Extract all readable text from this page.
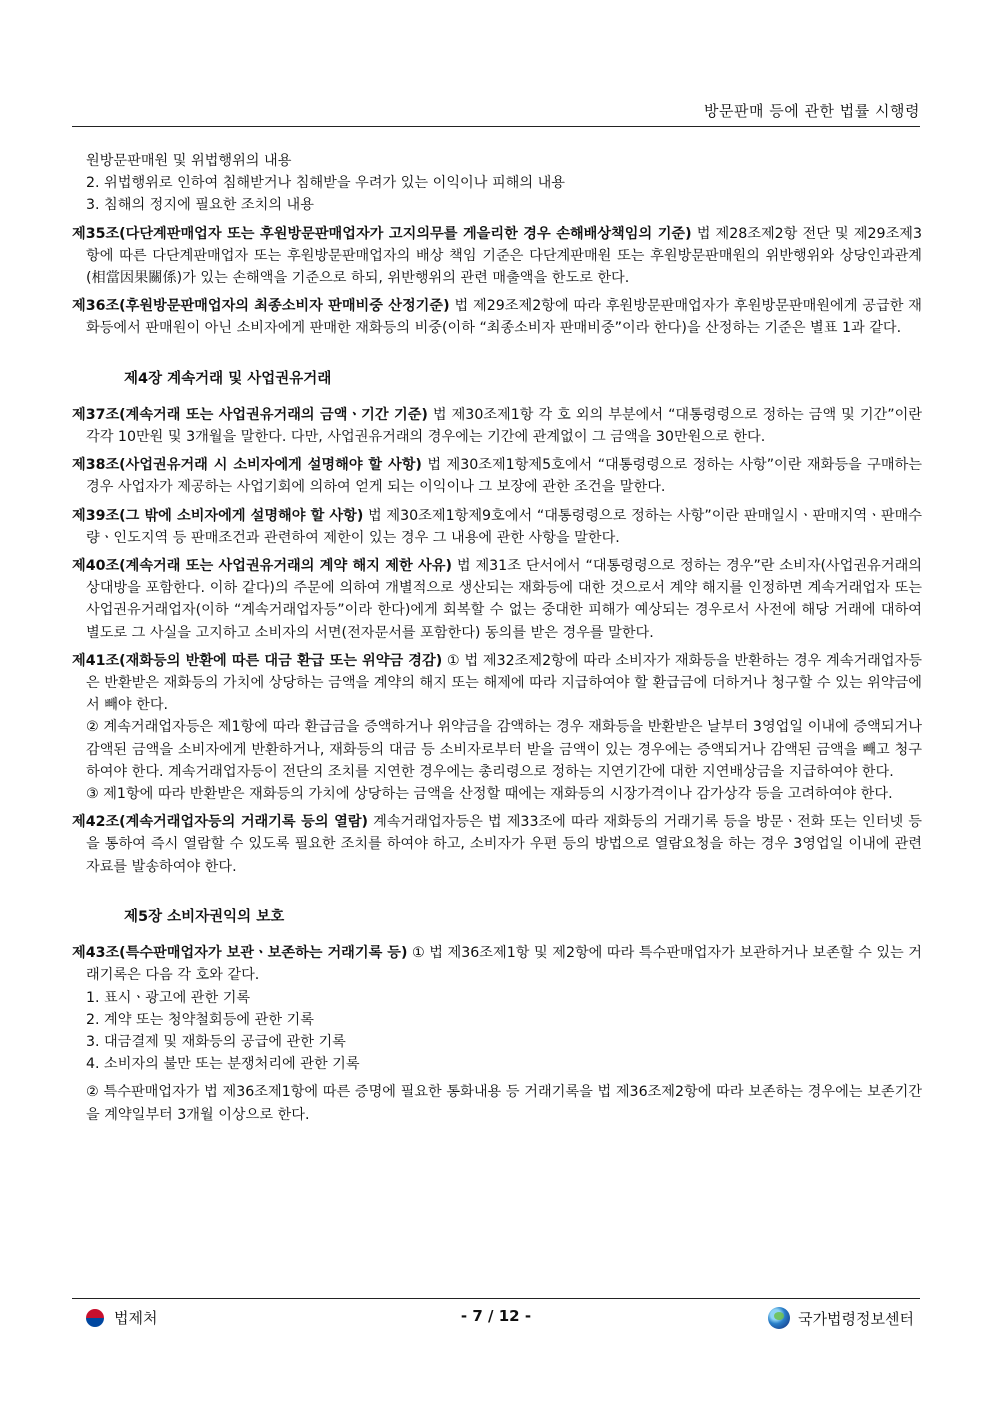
방문판매 등에 관한 법률 시행령

원방문판매원 및 위법행위의 내용

2. 위법행위로 인하여 침해받거나 침해받을 우려가 있는 이익이나 피해의 내용

3. 침해의 정지에 필요한 조치의 내용

제35조(다단계판매업자 또는 후원방문판매업자가 고지의무를 게을리한 경우 손해배상책임의 기준) 법 제28조제2항 전단 및 제29조제3항에 따른 다단계판매업자 또는 후원방문판매업자의 배상 책임 기준은 다단계판매원 또는 후원방문판매원의 위반행위와 상당인과관계(相當因果關係)가 있는 손해액을 기준으로 하되, 위반행위의 관련 매출액을 한도로 한다.

제36조(후원방문판매업자의 최종소비자 판매비중 산정기준) 법 제29조제2항에 따라 후원방문판매업자가 후원방문판매원에게 공급한 재화등에서 판매원이 아닌 소비자에게 판매한 재화등의 비중(이하 “최종소비자 판매비중”이라 한다)을 산정하는 기준은 별표 1과 같다.

제4장 계속거래 및 사업권유거래

제37조(계속거래 또는 사업권유거래의 금액ㆍ기간 기준) 법 제30조제1항 각 호 외의 부분에서 “대통령령으로 정하는 금액 및 기간”이란 각각 10만원 및 3개월을 말한다. 다만, 사업권유거래의 경우에는 기간에 관계없이 그 금액을 30만원으로 한다.

제38조(사업권유거래 시 소비자에게 설명해야 할 사항) 법 제30조제1항제5호에서 “대통령령으로 정하는 사항”이란 재화등을 구매하는 경우 사업자가 제공하는 사업기회에 의하여 얻게 되는 이익이나 그 보장에 관한 조건을 말한다.

제39조(그 밖에 소비자에게 설명해야 할 사항) 법 제30조제1항제9호에서 “대통령령으로 정하는 사항”이란 판매일시ㆍ판매지역ㆍ판매수량ㆍ인도지역 등 판매조건과 관련하여 제한이 있는 경우 그 내용에 관한 사항을 말한다.

제40조(계속거래 또는 사업권유거래의 계약 해지 제한 사유) 법 제31조 단서에서 “대통령령으로 정하는 경우”란 소비자(사업권유거래의 상대방을 포함한다. 이하 같다)의 주문에 의하여 개별적으로 생산되는 재화등에 대한 것으로서 계약 해지를 인정하면 계속거래업자 또는 사업권유거래업자(이하 “계속거래업자등”이라 한다)에게 회복할 수 없는 중대한 피해가 예상되는 경우로서 사전에 해당 거래에 대하여 별도로 그 사실을 고지하고 소비자의 서면(전자문서를 포함한다) 동의를 받은 경우를 말한다.

제41조(재화등의 반환에 따른 대금 환급 또는 위약금 경감) ① 법 제32조제2항에 따라 소비자가 재화등을 반환하는 경우 계속거래업자등은 반환받은 재화등의 가치에 상당하는 금액을 계약의 해지 또는 해제에 따라 지급하여야 할 환급금에 더하거나 청구할 수 있는 위약금에서 빼야 한다.

② 계속거래업자등은 제1항에 따라 환급금을 증액하거나 위약금을 감액하는 경우 재화등을 반환받은 날부터 3영업일 이내에 증액되거나 감액된 금액을 소비자에게 반환하거나, 재화등의 대금 등 소비자로부터 받을 금액이 있는 경우에는 증액되거나 감액된 금액을 빼고 청구하여야 한다. 계속거래업자등이 전단의 조치를 지연한 경우에는 총리령으로 정하는 지연기간에 대한 지연배상금을 지급하여야 한다.

③ 제1항에 따라 반환받은 재화등의 가치에 상당하는 금액을 산정할 때에는 재화등의 시장가격이나 감가상각 등을 고려하여야 한다.

제42조(계속거래업자등의 거래기록 등의 열람) 계속거래업자등은 법 제33조에 따라 재화등의 거래기록 등을 방문ㆍ전화 또는 인터넷 등을 통하여 즉시 열람할 수 있도록 필요한 조치를 하여야 하고, 소비자가 우편 등의 방법으로 열람요청을 하는 경우 3영업일 이내에 관련 자료를 발송하여야 한다.

제5장 소비자권익의 보호

제43조(특수판매업자가 보관ㆍ보존하는 거래기록 등) ① 법 제36조제1항 및 제2항에 따라 특수판매업자가 보관하거나 보존할 수 있는 거래기록은 다음 각 호와 같다.

1. 표시ㆍ광고에 관한 기록

2. 계약 또는 청약철회등에 관한 기록

3. 대금결제 및 재화등의 공급에 관한 기록

4. 소비자의 불만 또는 분쟁처리에 관한 기록

② 특수판매업자가 법 제36조제1항에 따른 증명에 필요한 통화내용 등 거래기록을 법 제36조제2항에 따라 보존하는 경우에는 보존기간을 계약일부터 3개월 이상으로 한다.

법제처	- 7 / 12 -	국가법령정보센터
